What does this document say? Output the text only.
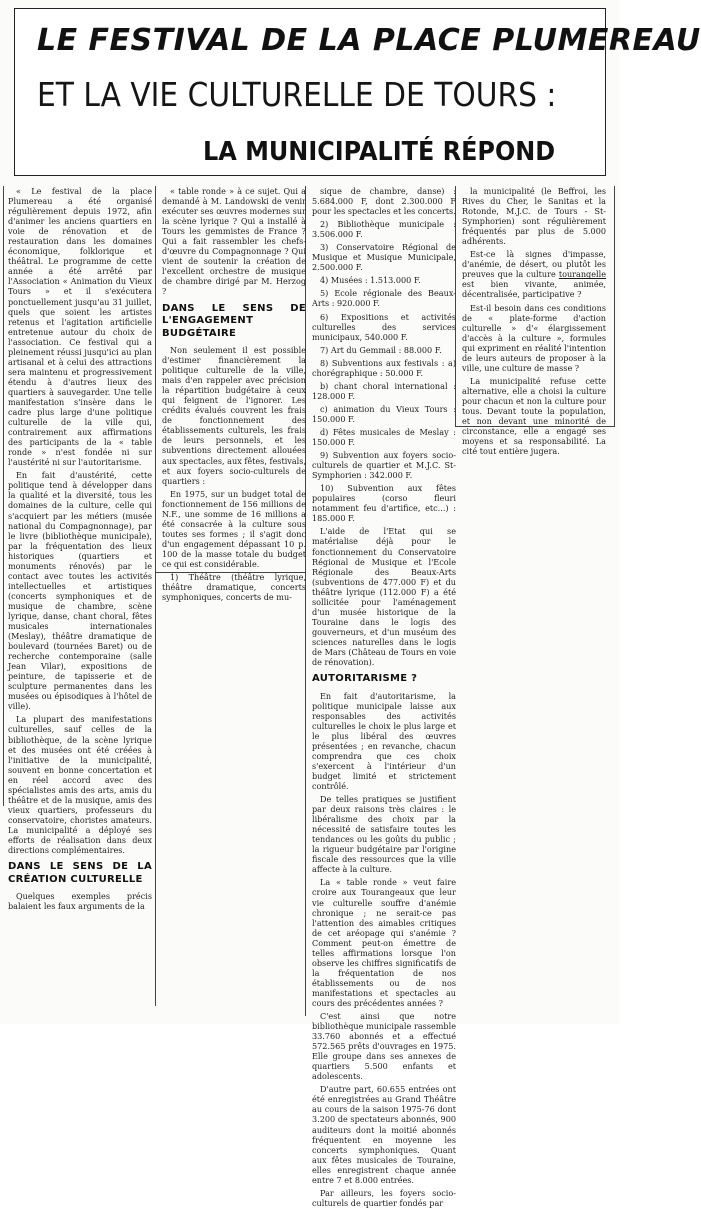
LE FESTIVAL DE LA PLACE PLUMEREAU
ET LA VIE CULTURELLE DE TOURS :
LA MUNICIPALITÉ RÉPOND

« Le festival de la place Plumereau a été organisé régulièrement depuis 1972, afin d'animer les anciens quartiers en voie de rénovation et de restauration dans les domaines économique, folklorique et théâtral. Le programme de cette année a été arrêté par l'Association « Animation du Vieux Tours » et il s'exécutera ponctuellement jusqu'au 31 juillet, quels que soient les artistes retenus et l'agitation artificielle entretenue autour du choix de l'association. Ce festival qui a pleinement réussi jusqu'ici au plan artisanal et à celui des attractions sera maintenu et progressivement étendu à d'autres lieux des quartiers à sauvegarder. Une telle manifestation s'insère dans le cadre plus large d'une politique culturelle de la ville qui, contrairement aux affirmations des participants de la « table ronde » n'est fondée ni sur l'austérité ni sur l'autoritarisme.

En fait d'austérité, cette politique tend à développer dans la qualité et la diversité, tous les domaines de la culture, celle qui s'acquiert par les métiers (musée national du Compagnonnage), par le livre (bibliothèque municipale), par la fréquentation des lieux historiques (quartiers et monuments rénovés) par le contact avec toutes les activités intellectuelles et artistiques (concerts symphoniques et de musique de chambre, scène lyrique, danse, chant choral, fêtes musicales internationales (Meslay), théâtre dramatique de boulevard (tournées Baret) ou de recherche contemporaine (salle Jean Vilar), expositions de peinture, de tapisserie et de sculpture permanentes dans les musées ou épisodiques à l'hôtel de ville).

La plupart des manifestations culturelles, sauf celles de la bibliothèque, de la scène lyrique et des musées ont été créées à l'initiative de la municipalité, souvent en bonne concertation et en réel accord avec des spécialistes amis des arts, amis du théâtre et de la musique, amis des vieux quartiers, professeurs du conservatoire, choristes amateurs. La municipalité a déployé ses efforts de réalisation dans deux directions complémentaires.

DANS LE SENS DE LA CRÉATION CULTURELLE

Quelques exemples précis balaient les faux arguments de la

« table ronde » à ce sujet. Qui a demandé à M. Landowski de venir exécuter ses œuvres modernes sur la scène lyrique ? Qui a installé à Tours les gemmistes de France ? Qui a fait rassembler les chefs-d'œuvre du Compagnonnage ? Qui vient de soutenir la création de l'excellent orchestre de musique de chambre dirigé par M. Herzog ?

DANS LE SENS DE L'ENGAGEMENT BUDGÉTAIRE

Non seulement il est possible d'estimer financièrement la politique culturelle de la ville, mais d'en rappeler avec précision la répartition budgétaire à ceux qui feignent de l'ignorer. Les crédits évalués couvrent les frais de fonctionnement des établissements culturels, les frais de leurs personnels, et les subventions directement allouées aux spectacles, aux fêtes, festivals, et aux foyers socio-culturels de quartiers :

En 1975, sur un budget total de fonctionnement de 156 millions de N.F., une somme de 16 millions a été consacrée à la culture sous toutes ses formes ; il s'agit donc d'un engagement dépassant 10 p. 100 de la masse totale du budget ce qui est considérable.

1) Théâtre (théâtre lyrique, théâtre dramatique, concerts symphoniques, concerts de mu-

sique de chambre, danse) : 5.684.000 F, dont 2.300.000 F pour les spectacles et les concerts.

2) Bibliothèque municipale : 3.506.000 F.

3) Conservatoire Régional de Musique et Musique Municipale, 2.500.000 F.

4) Musées : 1.513.000 F.

5) Ecole régionale des Beaux-Arts : 920.000 F.

6) Expositions et activités culturelles des services municipaux, 540.000 F.

7) Art du Gemmail : 88.000 F.

8) Subventions aux festivals : a) chorégraphique : 50.000 F.

b) chant choral international : 128.000 F.

c) animation du Vieux Tours : 150.000 F.

d) Fêtes musicales de Meslay : 150.000 F.

9) Subvention aux foyers socio-culturels de quartier et M.J.C. St-Symphorien : 342.000 F.

10) Subvention aux fêtes populaires (corso fleuri notamment feu d'artifice, etc...) : 185.000 F.

L'aide de l'Etat qui se matérialise déjà pour le fonctionnement du Conservatoire Régional de Musique et l'Ecole Régionale des Beaux-Arts (subventions de 477.000 F) et du théâtre lyrique (112.000 F) a été sollicitée pour l'aménagement d'un musée historique de la Touraine dans le logis des gouverneurs, et d'un muséum des sciences naturelles dans le logis de Mars (Château de Tours en voie de rénovation).

AUTORITARISME ?

En fait d'autoritarisme, la politique municipale laisse aux responsables des activités culturelles le choix le plus large et le plus libéral des œuvres présentées ; en revanche, chacun comprendra que ces choix s'exercent à l'intérieur d'un budget limité et strictement contrôlé.

De telles pratiques se justifient par deux raisons très claires : le libéralisme des choix par la nécessité de satisfaire toutes les tendances ou les goûts du public ; la rigueur budgétaire par l'origine fiscale des ressources que la ville affecte à la culture.

La « table ronde » veut faire croire aux Tourangeaux que leur vie culturelle souffre d'anémie chronique ; ne serait-ce pas l'attention des aimables critiques de cet aréopage qui s'anémie ? Comment peut-on émettre de telles affirmations lorsque l'on observe les chiffres significatifs de la fréquentation de nos établissements ou de nos manifestations et spectacles au cours des précédentes années ?

C'est ainsi que notre bibliothèque municipale rassemble 33.760 abonnés et a effectué 572.565 prêts d'ouvrages en 1975. Elle groupe dans ses annexes de quartiers 5.500 enfants et adolescents.

D'autre part, 60.655 entrées ont été enregistrées au Grand Théâtre au cours de la saison 1975-76 dont 3.200 de spectateurs abonnés, 900 auditeurs dont la moitié abonnés fréquentent en moyenne les concerts symphoniques. Quant aux fêtes musicales de Touraine, elles enregistrent chaque année entre 7 et 8.000 entrées.

Par ailleurs, les foyers socio-culturels de quartier fondés par

la municipalité (le Beffroi, les Rives du Cher, le Sanitas et la Rotonde, M.J.C. de Tours - St-Symphorien) sont régulièrement fréquentés par plus de 5.000 adhérents.

Est-ce là signes d'impasse, d'anémie, de désert, ou plutôt les preuves que la culture tourangelle est bien vivante, animée, décentralisée, participative ?

Est-il besoin dans ces conditions de « plate-forme d'action culturelle » d'« élargissement d'accès à la culture », formules qui expriment en réalité l'intention de leurs auteurs de proposer à la ville, une culture de masse ?

La municipalité refuse cette alternative, elle a choisi la culture pour chacun et non la culture pour tous. Devant toute la population, et non devant une minorité de circonstance, elle a engagé ses moyens et sa responsabilité. La cité tout entière jugera.
